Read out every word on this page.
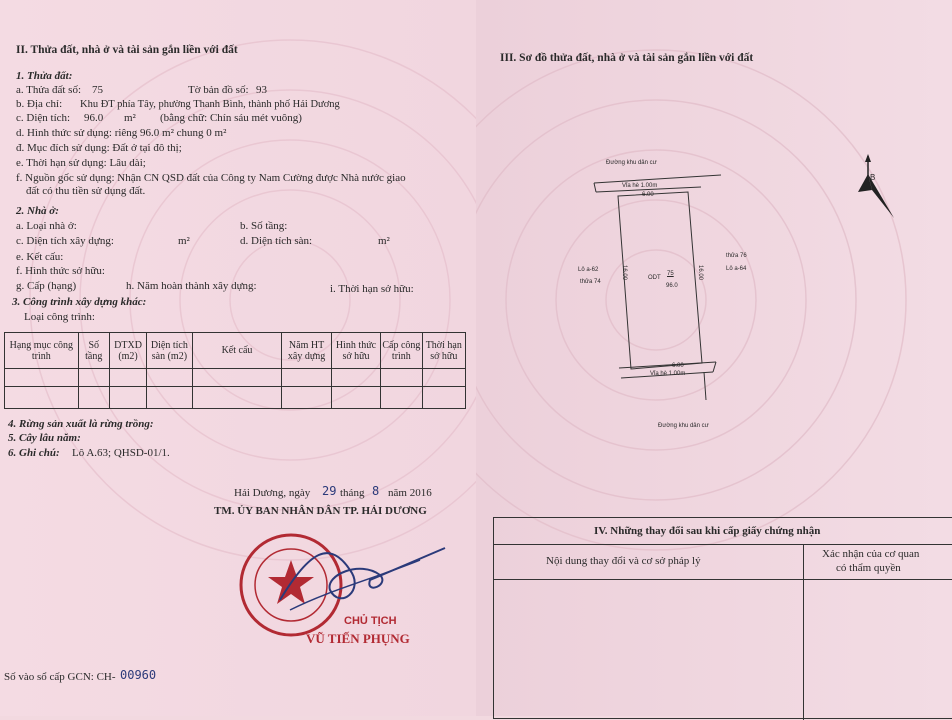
II. Thửa đất, nhà ở và tài sản gắn liền với đất
1. Thửa đất:
a. Thửa đất số: 75	Tờ bản đồ số: 93
b. Địa chỉ: Khu ĐT phía Tây, phường Thanh Bình, thành phố Hải Dương
c. Diện tích: 96.0 m² (bằng chữ: Chín sáu mét vuông)
d. Hình thức sử dụng: riêng 96.0 m² chung 0 m²
đ. Mục đích sử dụng: Đất ở tại đô thị;
e. Thời hạn sử dụng: Lâu dài;
f. Nguồn gốc sử dụng: Nhận CN QSD đất của Công ty Nam Cường được Nhà nước giao
đất có thu tiền sử dụng đất.
2. Nhà ở:
a. Loại nhà ở:	b. Số tầng:
c. Diện tích xây dựng:	m²	d. Diện tích sàn:	m²
e. Kết cấu:
f. Hình thức sở hữu:
g. Cấp (hạng)	h. Năm hoàn thành xây dựng:	i. Thời hạn sở hữu:
3. Công trình xây dựng khác:
Loại công trình:
Hạng mục công trình	Số tầng	DTXD (m2)	Diện tích sàn (m2)	Kết cấu	Năm HT xây dựng	Hình thức sở hữu	Cấp công trình	Thời hạn sở hữu

4. Rừng sản xuất là rừng trồng:
5. Cây lâu năm:
6. Ghi chú: Lô A.63; QHSD-01/1.
Hải Dương, ngày 29 tháng 8 năm 2016
TM. ỦY BAN NHÂN DÂN TP. HẢI DƯƠNG
CHỦ TỊCH
VŨ TIẾN PHỤNG
Số vào sổ cấp GCN: CH- 00960
III. Sơ đồ thửa đất, nhà ở và tài sản gắn liền với đất
Đường khu dân cư
Vỉa hè 1.00m
6.00
Lô a-62
thửa 74
16.00	ODT
75
96.0
16.00
thửa 76
Lô a-64
6.00
Vỉa hè 1.00m
Đường khu dân cư
B
IV. Những thay đổi sau khi cấp giấy chứng nhận
Nội dung thay đổi và cơ sở pháp lý
Xác nhận của cơ quan
có thẩm quyền
